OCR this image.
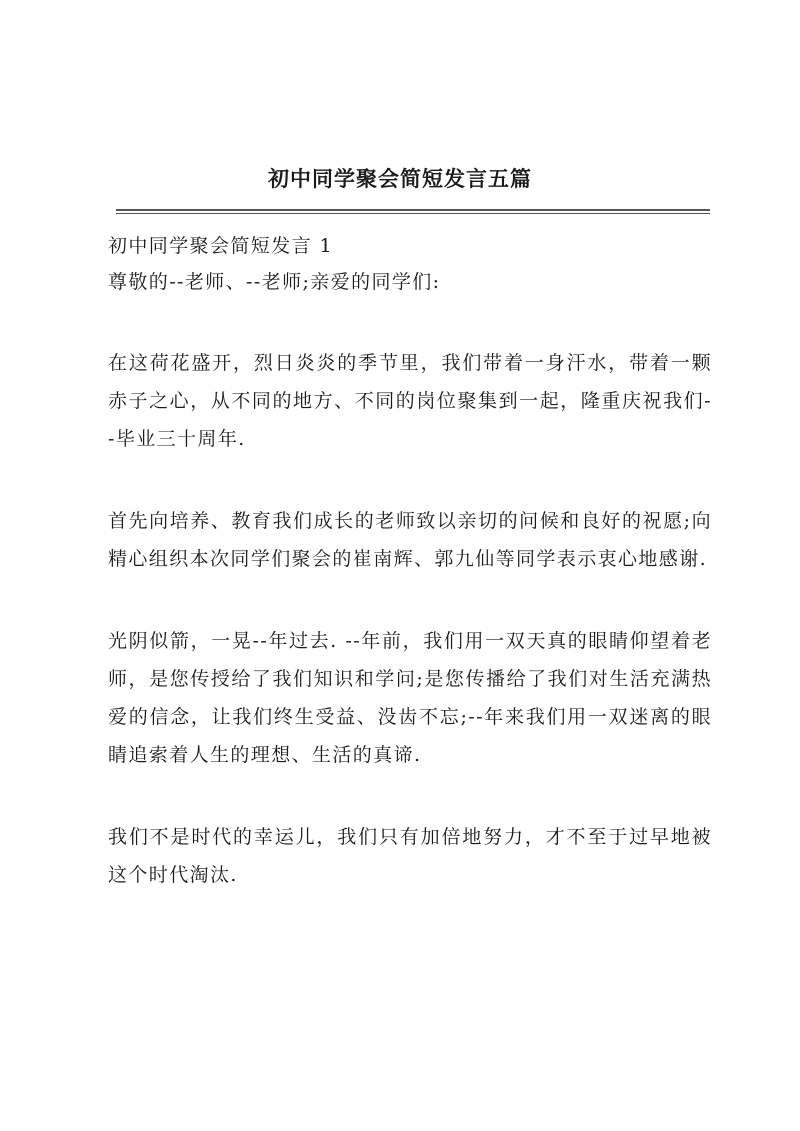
初中同学聚会简短发言五篇

初中同学聚会简短发言 1

尊敬的--老师、--老师;亲爱的同学们:

在这荷花盛开，烈日炎炎的季节里，我们带着一身汗水，带着一颗赤子之心，从不同的地方、不同的岗位聚集到一起，隆重庆祝我们--毕业三十周年.

首先向培养、教育我们成长的老师致以亲切的问候和良好的祝愿;向精心组织本次同学们聚会的崔南辉、郭九仙等同学表示衷心地感谢.

光阴似箭，一晃--年过去. --年前，我们用一双天真的眼睛仰望着老师，是您传授给了我们知识和学问;是您传播给了我们对生活充满热爱的信念，让我们终生受益、没齿不忘;--年来我们用一双迷离的眼睛追索着人生的理想、生活的真谛.

我们不是时代的幸运儿，我们只有加倍地努力，才不至于过早地被这个时代淘汰.
